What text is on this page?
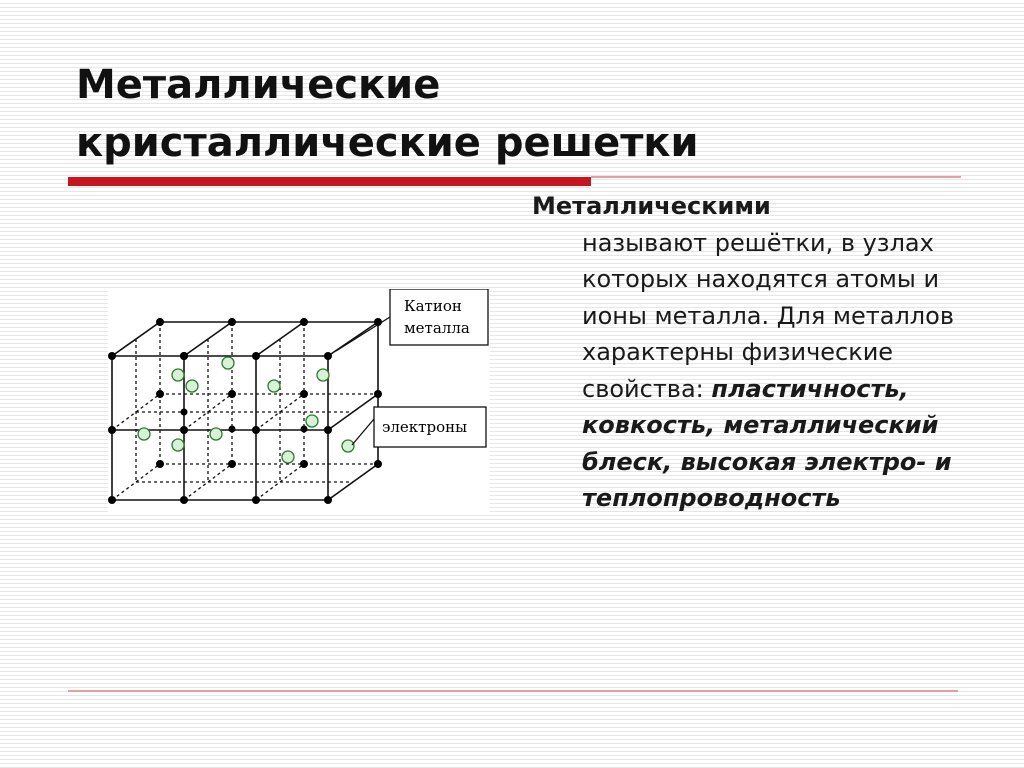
Металлические
кристаллические решетки
Металлическими
называют решётки, в узлах которых находятся атомы и ионы металла. Для металлов характерны физические свойства: пластичность, ковкость, металлический блеск, высокая электро- и теплопроводность
Катион
металла
электроны
